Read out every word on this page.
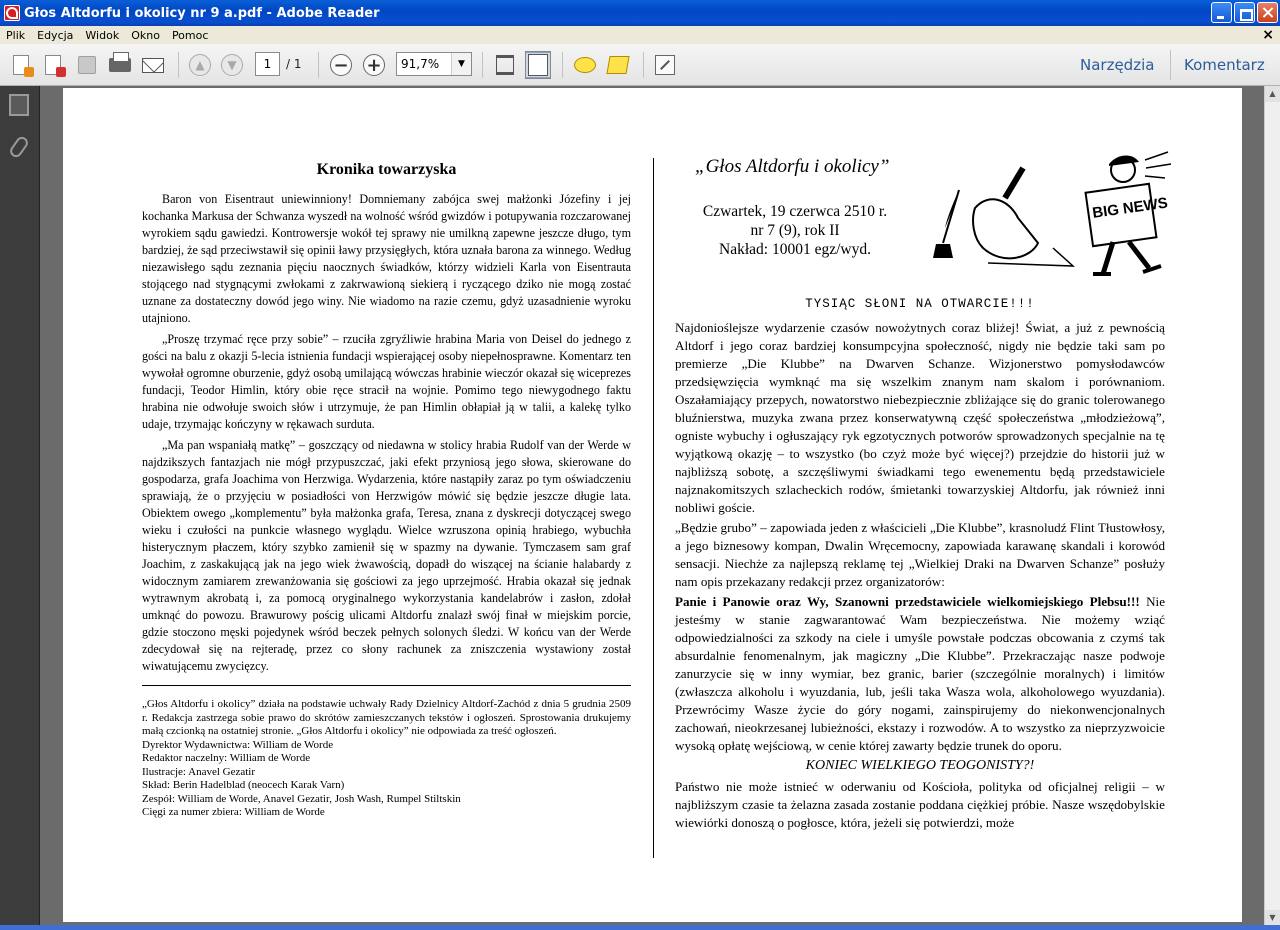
Głos Altdorfu i okolicy nr 9 a.pdf - Adobe Reader
Plik	Edycja	Widok	Okno	Pomoc	×
▲	▼	− +
1	/ 1	91,7%	▼	Narzędzia Komentarz
▲
▼
Kronika towarzyska

Baron von Eisentraut uniewinniony! Domniemany zabójca swej małżonki Józefiny i jej kochanka Markusa der Schwanza wyszedł na wolność wśród gwizdów i potupywania rozczarowanej wyrokiem sądu gawiedzi. Kontrowersje wokół tej sprawy nie umilkną zapewne jeszcze długo, tym bardziej, że sąd przeciwstawił się opinii ławy przysięgłych, która uznała barona za winnego. Według niezawisłego sądu zeznania pięciu naocznych świadków, którzy widzieli Karla von Eisentrauta stojącego nad stygnącymi zwłokami z zakrwawioną siekierą i ryczącego dziko nie mogą zostać uznane za dostateczny dowód jego winy. Nie wiadomo na razie czemu, gdyż uzasadnienie wyroku utajniono.

„Proszę trzymać ręce przy sobie” – rzuciła zgryźliwie hrabina Maria von Deisel do jednego z gości na balu z okazji 5-lecia istnienia fundacji wspierającej osoby niepełnosprawne. Komentarz ten wywołał ogromne oburzenie, gdyż osobą umilającą wówczas hrabinie wieczór okazał się wiceprezes fundacji, Teodor Himlin, który obie ręce stracił na wojnie. Pomimo tego niewygodnego faktu hrabina nie odwołuje swoich słów i utrzymuje, że pan Himlin obłapiał ją w talii, a kalekę tylko udaje, trzymając kończyny w rękawach surduta.

„Ma pan wspaniałą matkę” – goszczący od niedawna w stolicy hrabia Rudolf van der Werde w najdzikszych fantazjach nie mógł przypuszczać, jaki efekt przyniosą jego słowa, skierowane do gospodarza, grafa Joachima von Herzwiga. Wydarzenia, które nastąpiły zaraz po tym oświadczeniu sprawiają, że o przyjęciu w posiadłości von Herzwigów mówić się będzie jeszcze długie lata. Obiektem owego „komplementu” była małżonka grafa, Teresa, znana z dyskrecji dotyczącej swego wieku i czułości na punkcie własnego wyglądu. Wielce wzruszona opinią hrabiego, wybuchła histerycznym płaczem, który szybko zamienił się w spazmy na dywanie. Tymczasem sam graf Joachim, z zaskakującą jak na jego wiek żwawością, dopadł do wiszącej na ścianie halabardy z widocznym zamiarem zrewanżowania się gościowi za jego uprzejmość. Hrabia okazał się jednak wytrawnym akrobatą i, za pomocą oryginalnego wykorzystania kandelabrów i zasłon, zdołał umknąć do powozu. Brawurowy pościg ulicami Altdorfu znalazł swój finał w miejskim porcie, gdzie stoczono męski pojedynek wśród beczek pełnych solonych śledzi. W końcu van der Werde zdecydował się na rejteradę, przez co słony rachunek za zniszczenia wystawiony został wiwatującemu zwycięzcy.

„Głos Altdorfu i okolicy” działa na podstawie uchwały Rady Dzielnicy Altdorf-Zachód z dnia 5 grudnia 2509 r. Redakcja zastrzega sobie prawo do skrótów zamieszczanych tekstów i ogłoszeń. Sprostowania drukujemy małą czcionką na ostatniej stronie. „Głos Altdorfu i okolicy” nie odpowiada za treść ogłoszeń.
Dyrektor Wydawnictwa: William de Worde
Redaktor naczelny: William de Worde
Ilustracje: Anavel Gezatir
Skład: Berin Hadelblad (neocech Karak Varn)
Zespół: William de Worde, Anavel Gezatir, Josh Wash, Rumpel Stiltskin
Cięgi za numer zbiera: William de Worde
„Głos Altdorfu i okolicy”
Czwartek, 19 czerwca 2510 r.
nr 7 (9), rok II
Nakład: 10001 egz/wyd.
BIG NEWS
TYSIĄC SŁONI NA OTWARCIE!!!

Najdonioślejsze wydarzenie czasów nowożytnych coraz bliżej! Świat, a już z pewnością Altdorf i jego coraz bardziej konsumpcyjna społeczność, nigdy nie będzie taki sam po premierze „Die Klubbe” na Dwarven Schanze. Wizjonerstwo pomysłodawców przedsięwzięcia wymknąć ma się wszelkim znanym nam skalom i porównaniom. Oszałamiający przepych, nowatorstwo niebezpiecznie zbliżające się do granic tolerowanego bluźnierstwa, muzyka zwana przez konserwatywną część społeczeństwa „młodzieżową”, ogniste wybuchy i ogłuszający ryk egzotycznych potworów sprowadzonych specjalnie na tę wyjątkową okazję – to wszystko (bo czyż może być więcej?) przejdzie do historii już w najbliższą sobotę, a szczęśliwymi świadkami tego ewenementu będą przedstawiciele najznakomitszych szlacheckich rodów, śmietanki towarzyskiej Altdorfu, jak również inni nobliwi goście.

„Będzie grubo” – zapowiada jeden z właścicieli „Die Klubbe”, krasnoludź Flint Tłustowłosy, a jego biznesowy kompan, Dwalin Wręcemocny, zapowiada karawanę skandali i korowód sensacji. Niechże za najlepszą reklamę tej „Wielkiej Draki na Dwarven Schanze” posłuży nam opis przekazany redakcji przez organizatorów:

Panie i Panowie oraz Wy, Szanowni przedstawiciele wielkomiejskiego Plebsu!!! Nie jesteśmy w stanie zagwarantować Wam bezpieczeństwa. Nie możemy wziąć odpowiedzialności za szkody na ciele i umyśle powstałe podczas obcowania z czymś tak absurdalnie fenomenalnym, jak magiczny „Die Klubbe”. Przekraczając nasze podwoje zanurzycie się w inny wymiar, bez granic, barier (szczególnie moralnych) i limitów (zwłaszcza alkoholu i wyuzdania, lub, jeśli taka Wasza wola, alkoholowego wyuzdania). Przewrócimy Wasze życie do góry nogami, zainspirujemy do niekonwencjonalnych zachowań, nieokrzesanej lubieżności, ekstazy i rozwodów. A to wszystko za nieprzyzwoicie wysoką opłatę wejściową, w cenie której zawarty będzie trunek do oporu.

KONIEC WIELKIEGO TEOGONISTY?!

Państwo nie może istnieć w oderwaniu od Kościoła, polityka od oficjalnej religii – w najbliższym czasie ta żelazna zasada zostanie poddana ciężkiej próbie. Nasze wszędobylskie wiewiórki donoszą o pogłosce, która, jeżeli się potwierdzi, może
